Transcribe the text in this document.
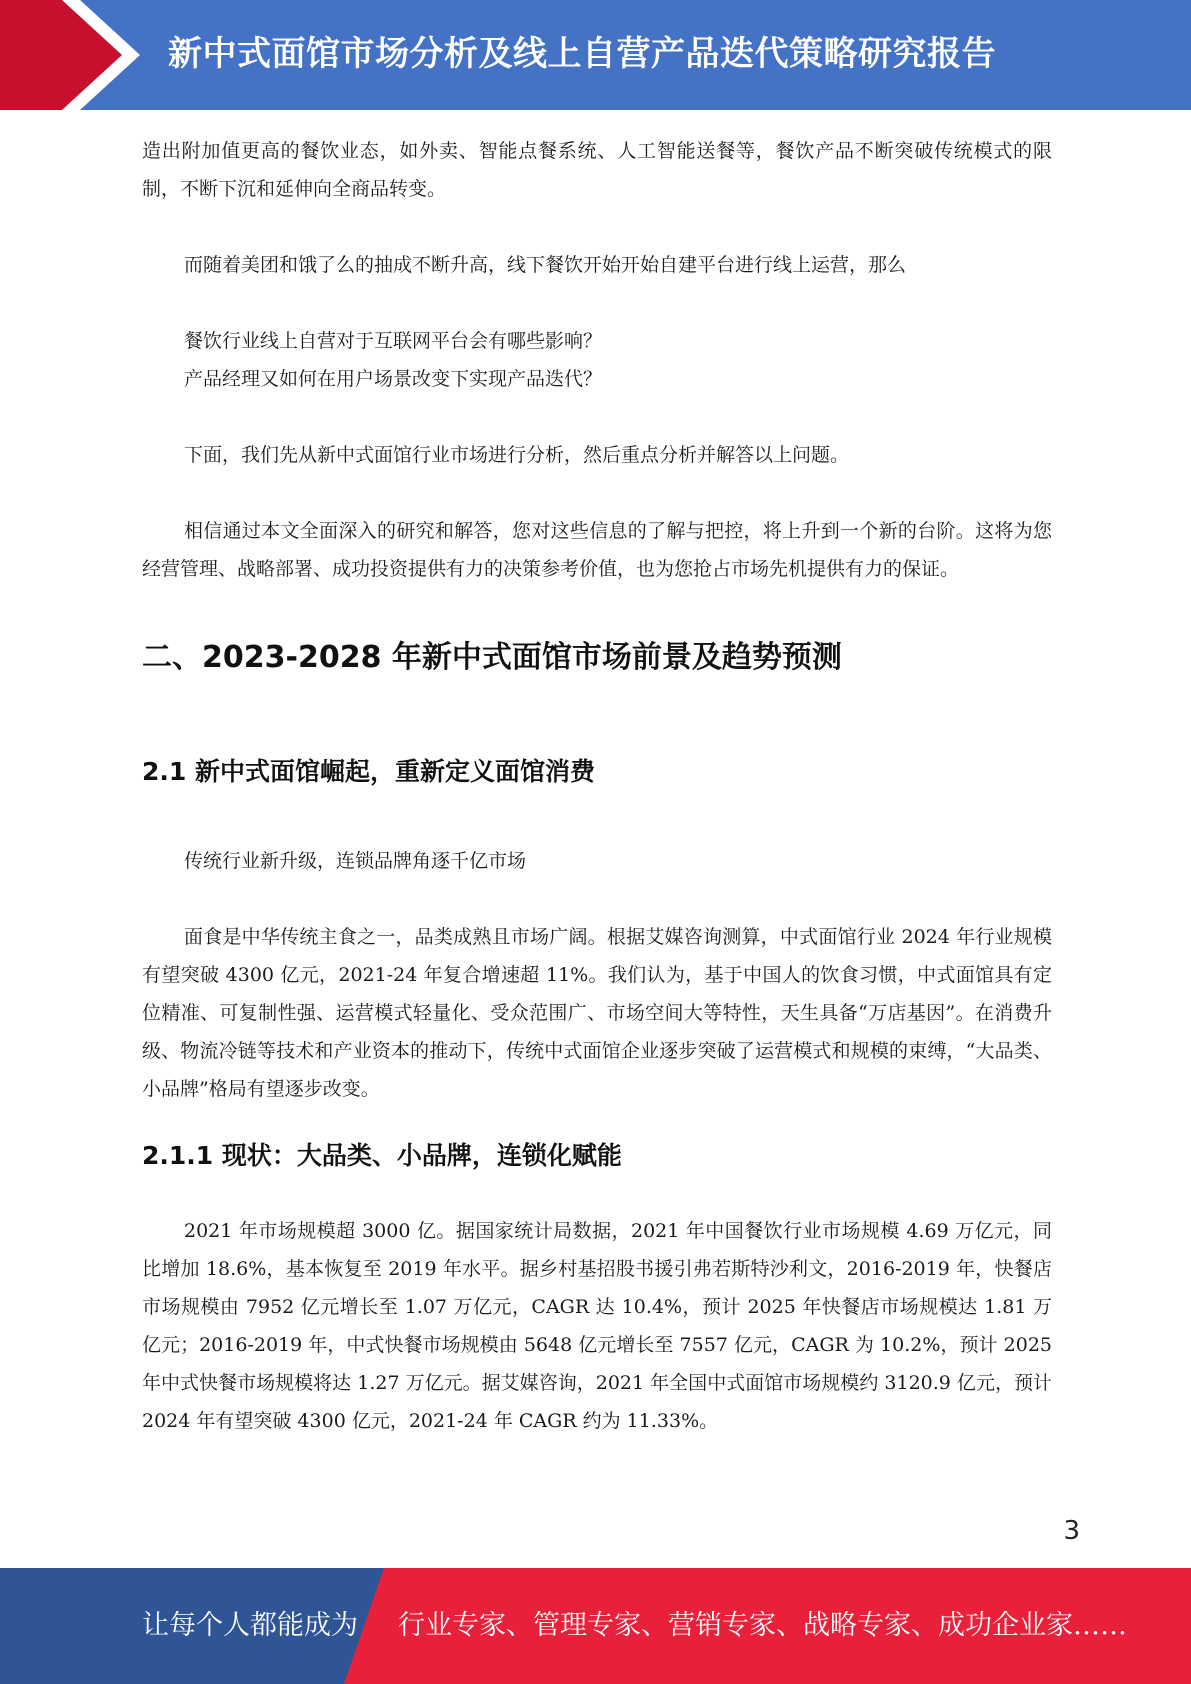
新中式面馆市场分析及线上自营产品迭代策略研究报告

造出附加值更高的餐饮业态，如外卖、智能点餐系统、人工智能送餐等，餐饮产品不断突破传统模式的限制，不断下沉和延伸向全商品转变。

而随着美团和饿了么的抽成不断升高，线下餐饮开始开始自建平台进行线上运营，那么

餐饮行业线上自营对于互联网平台会有哪些影响？

产品经理又如何在用户场景改变下实现产品迭代？

下面，我们先从新中式面馆行业市场进行分析，然后重点分析并解答以上问题。

相信通过本文全面深入的研究和解答，您对这些信息的了解与把控，将上升到一个新的台阶。这将为您经营管理、战略部署、成功投资提供有力的决策参考价值，也为您抢占市场先机提供有力的保证。

二、2023-2028 年新中式面馆市场前景及趋势预测
2.1 新中式面馆崛起，重新定义面馆消费

传统行业新升级，连锁品牌角逐千亿市场

面食是中华传统主食之一，品类成熟且市场广阔。根据艾媒咨询测算，中式面馆行业 2024 年行业规模有望突破 4300 亿元，2021-24 年复合增速超 11%。我们认为，基于中国人的饮食习惯，中式面馆具有定位精准、可复制性强、运营模式轻量化、受众范围广、市场空间大等特性，天生具备“万店基因”。在消费升级、物流冷链等技术和产业资本的推动下，传统中式面馆企业逐步突破了运营模式和规模的束缚，“大品类、小品牌”格局有望逐步改变。

2.1.1 现状：大品类、小品牌，连锁化赋能

2021 年市场规模超 3000 亿。据国家统计局数据，2021 年中国餐饮行业市场规模 4.69 万亿元，同比增加 18.6%，基本恢复至 2019 年水平。据乡村基招股书援引弗若斯特沙利文，2016-2019 年，快餐店市场规模由 7952 亿元增长至 1.07 万亿元，CAGR 达 10.4%，预计 2025 年快餐店市场规模达 1.81 万亿元；2016-2019 年，中式快餐市场规模由 5648 亿元增长至 7557 亿元，CAGR 为 10.2%，预计 2025 年中式快餐市场规模将达 1.27 万亿元。据艾媒咨询，2021 年全国中式面馆市场规模约 3120.9 亿元，预计 2024 年有望突破 4300 亿元，2021-24 年 CAGR 约为 11.33%。

3
让每个人都能成为 行业专家、管理专家、营销专家、战略专家、成功企业家……
